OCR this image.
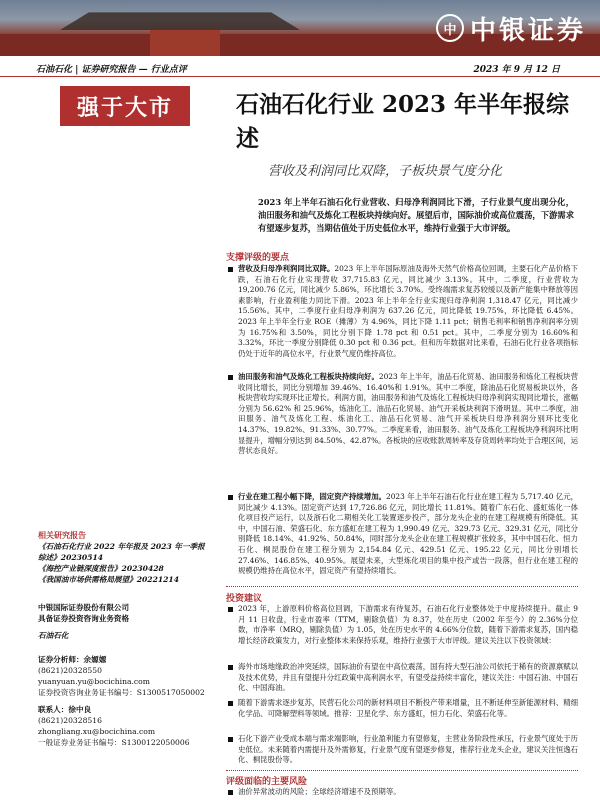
中 中银证券
石油石化 | 证券研究报告 — 行业点评	2023 年 9 月 12 日
强于大市	石油石化行业 2023 年半年报综述
营收及利润同比双降，子板块景气度分化
2023 年上半年石油石化行业营收、归母净利润同比下滑，子行业景气度出现分化，油田服务和油气及炼化工程板块持续向好。展望后市，国际油价或高位震荡，下游需求有望逐步复苏，当期估值处于历史低位水平，维持行业强于大市评级。
支撑评级的要点
营收及归母净利润同比双降。2023 年上半年国际原油及海外天然气价格高位回调，主要石化产品价格下跌，石油石化行业实现营收 37,715.83 亿元，同比减少 3.13%。其中，二季度，行业营收为 19,200.76 亿元，同比减少 5.86%，环比增长 3.70%。受终端需求复苏较缓以及新产能集中释放等因素影响，行业盈利能力同比下滑。2023 年上半年全行业实现归母净利润 1,318.47 亿元，同比减少 15.56%。其中，二季度行业归母净利润为 637.26 亿元，同比降低 19.75%，环比降低 6.45%。2023 年上半年全行业 ROE（摊薄）为 4.96%，同比下降 1.11 pct；销售毛利率和销售净利润率分别为 16.75%和 3.50%，同比分别下降 1.78 pct 和 0.51 pct。其中，二季度分别为 16.60%和 3.32%，环比一季度分别降低 0.30 pct 和 0.36 pct。但和历年数据对比来看，石油石化行业各项指标仍处于近年的高位水平，行业景气度仍维持高位。
油田服务和油气及炼化工程板块持续向好。2023 年上半年，油品石化贸易、油田服务和炼化工程板块营收同比增长，同比分别增加 39.46%、16.40%和 1.91%。其中二季度，除油品石化贸易板块以外，各板块营收均实现环比正增长。利润方面，油田服务和油气及炼化工程板块归母净利润实现同比增长，涨幅分别为 56.62% 和 25.96%，炼油化工、油品石化贸易、油气开采板块利润下滑明显。其中二季度，油田服务、油气及炼化工程、炼油化工、油品石化贸易、油气开采板块归母净利润分别环比变化 14.37%、19.82%、91.33%、30.77%。二季度来看，油田服务、油气及炼化工程板块净利润环比明显提升，增幅分别达到 84.50%、42.87%。各板块的应收账款周转率及存货周转率均处于合理区间，运营状态良好。
行业在建工程小幅下降，固定资产持续增加。2023 年上半年石油石化行业在建工程为 5,717.40 亿元，同比减少 4.13%。固定资产达到 17,726.86 亿元，同比增长 11.81%。随着广东石化、盛虹炼化一体化项目投产运行，以及浙石化二期相关化工装置逐步投产，部分龙头企业的在建工程规模有所降低。其中，中国石油、荣盛石化、东方盛虹在建工程为 1,990.49 亿元、329.73 亿元、329.31 亿元，同比分别降低 18.14%、41.92%、50.84%，同时部分龙头企业在建工程规模扩张较多，其中中国石化、恒力石化、桐昆股份在建工程分别为 2,154.84 亿元、429.51 亿元、195.22 亿元，同比分别增长 27.46%、146.85%、40.95%。展望未来，大型炼化项目的集中投产或告一段落，但行业在建工程的规模仍维持在高位水平，固定资产有望持续增长。
投资建议
2023 年，上游原料价格高位回调，下游需求有待复苏，石油石化行业整体处于中度持续提升。截止 9 月 11 日收盘，行业市盈率（TTM，剔除负值）为 8.37，处在历史（2002 年至今）的 2.36%分位数，市净率（MRQ，剔除负值）为 1.05，处在历史水平的 4.66%分位数，随着下游需求复苏，国内稳增长经济政策发力，对行业整体未来保持乐观，维持行业强于大市评级。建议关注以下投资领域：
海外市场地缘政治冲突延续，国际油价有望在中高位震荡，国有持大型石油公司依托于稀有的资源禀赋以及技术优势，并且有望提升分红政策中高利润水平，有望受益持续丰富化，建议关注：中国石油、中国石化、中国海油。
随着下游需求逐步复苏，民营石化公司的新材料项目不断投产带来增量，且不断延伸至新能源材料、精细化学品、可降解塑料等领域。推荐：卫星化学、东方盛虹，恒力石化、荣盛石化等。
石化下游产业受成本端与需求端影响，行业盈利能力有望修复，主营业务阶段性承压，行业景气度处于历史低位。未来随着内需提升及外需修复，行业景气度有望逐步修复，推荐行业龙头企业，建议关注恒逸石化、桐昆股份等。
评级面临的主要风险
油价异常波动的风险；全球经济增速不及预期等。
相关研究报告
《石油石化行业 2022 年年报及 2023 年一季报综述》20230514
《海控产业链深度报告》20230428
《我国油市场供需格局展望》20221214
中银国际证券股份有限公司
具备证券投资咨询业务资格
石油石化
证券分析师：余嫄嫄
(8621)20328550
yuanyuan.yu@bocichina.com
证券投资咨询业务证书编号：S1300517050002
联系人：徐中良
(8621)20328516
zhongliang.xu@bocichina.com
一般证券业务证书编号：S1300122050006
